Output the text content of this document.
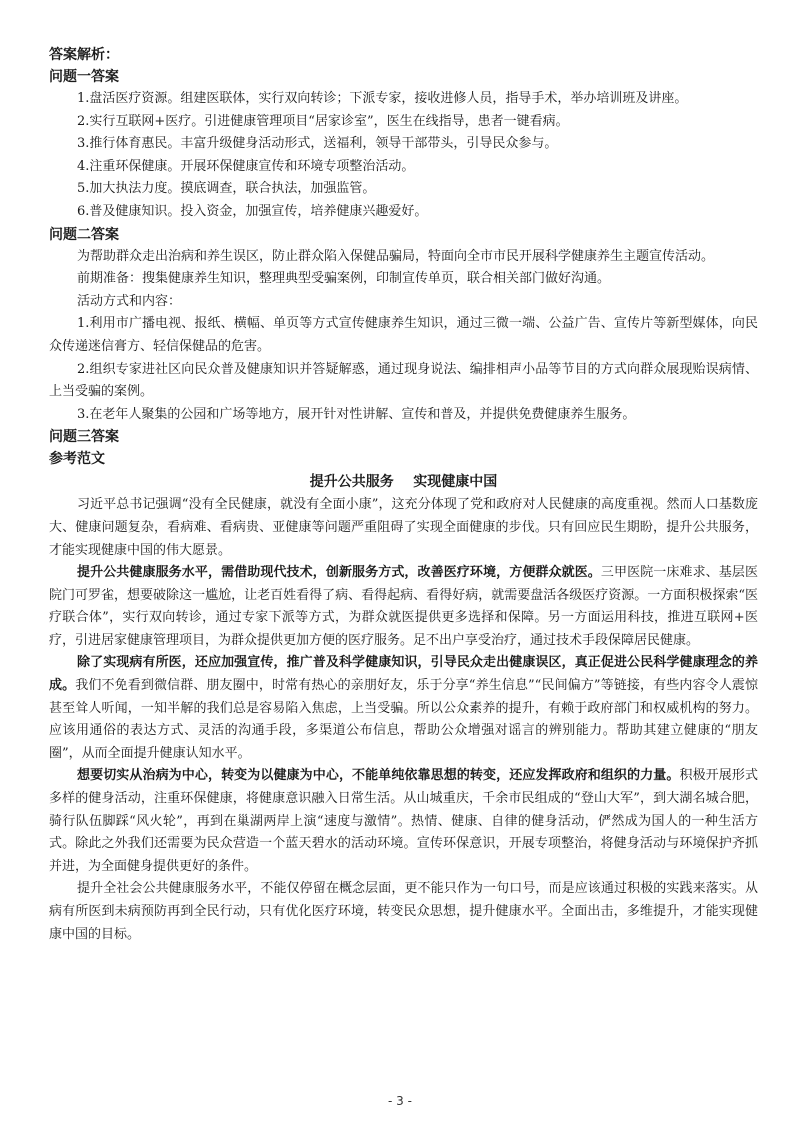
答案解析：

问题一答案

1.盘活医疗资源。组建医联体，实行双向转诊；下派专家，接收进修人员，指导手术，举办培训班及讲座。

2.实行互联网+医疗。引进健康管理项目“居家诊室”，医生在线指导，患者一键看病。

3.推行体育惠民。丰富升级健身活动形式，送福利，领导干部带头，引导民众参与。

4.注重环保健康。开展环保健康宣传和环境专项整治活动。

5.加大执法力度。摸底调查，联合执法，加强监管。

6.普及健康知识。投入资金，加强宣传，培养健康兴趣爱好。

问题二答案

为帮助群众走出治病和养生误区，防止群众陷入保健品骗局，特面向全市市民开展科学健康养生主题宣传活动。

前期准备：搜集健康养生知识，整理典型受骗案例，印制宣传单页，联合相关部门做好沟通。

活动方式和内容：

1.利用市广播电视、报纸、横幅、单页等方式宣传健康养生知识，通过三微一端、公益广告、宣传片等新型媒体，向民众传递迷信膏方、轻信保健品的危害。

2.组织专家进社区向民众普及健康知识并答疑解惑，通过现身说法、编排相声小品等节目的方式向群众展现贻误病情、上当受骗的案例。

3.在老年人聚集的公园和广场等地方，展开针对性讲解、宣传和普及，并提供免费健康养生服务。

问题三答案

参考范文

提升公共服务    实现健康中国

习近平总书记强调“没有全民健康，就没有全面小康”，这充分体现了党和政府对人民健康的高度重视。然而人口基数庞大、健康问题复杂，看病难、看病贵、亚健康等问题严重阻碍了实现全面健康的步伐。只有回应民生期盼，提升公共服务，才能实现健康中国的伟大愿景。

提升公共健康服务水平，需借助现代技术，创新服务方式，改善医疗环境，方便群众就医。三甲医院一床难求、基层医院门可罗雀，想要破除这一尴尬，让老百姓看得了病、看得起病、看得好病，就需要盘活各级医疗资源。一方面积极探索“医疗联合体”，实行双向转诊，通过专家下派等方式，为群众就医提供更多选择和保障。另一方面运用科技，推进互联网+医疗，引进居家健康管理项目，为群众提供更加方便的医疗服务。足不出户享受治疗，通过技术手段保障居民健康。

除了实现病有所医，还应加强宣传，推广普及科学健康知识，引导民众走出健康误区，真正促进公民科学健康理念的养成。我们不免看到微信群、朋友圈中，时常有热心的亲朋好友，乐于分享“养生信息”“民间偏方”等链接，有些内容令人震惊甚至耸人听闻，一知半解的我们总是容易陷入焦虑，上当受骗。所以公众素养的提升，有赖于政府部门和权威机构的努力。应该用通俗的表达方式、灵活的沟通手段，多渠道公布信息，帮助公众增强对谣言的辨别能力。帮助其建立健康的“朋友圈”，从而全面提升健康认知水平。

想要切实从治病为中心，转变为以健康为中心，不能单纯依靠思想的转变，还应发挥政府和组织的力量。积极开展形式多样的健身活动，注重环保健康，将健康意识融入日常生活。从山城重庆，千余市民组成的“登山大军”，到大湖名城合肥，骑行队伍脚踩“风火轮”，再到在巢湖两岸上演“速度与激情”。热情、健康、自律的健身活动，俨然成为国人的一种生活方式。除此之外我们还需要为民众营造一个蓝天碧水的活动环境。宣传环保意识，开展专项整治，将健身活动与环境保护齐抓并进，为全面健身提供更好的条件。

提升全社会公共健康服务水平，不能仅停留在概念层面，更不能只作为一句口号，而是应该通过积极的实践来落实。从病有所医到未病预防再到全民行动，只有优化医疗环境，转变民众思想，提升健康水平。全面出击，多维提升，才能实现健康中国的目标。

- 3 -
